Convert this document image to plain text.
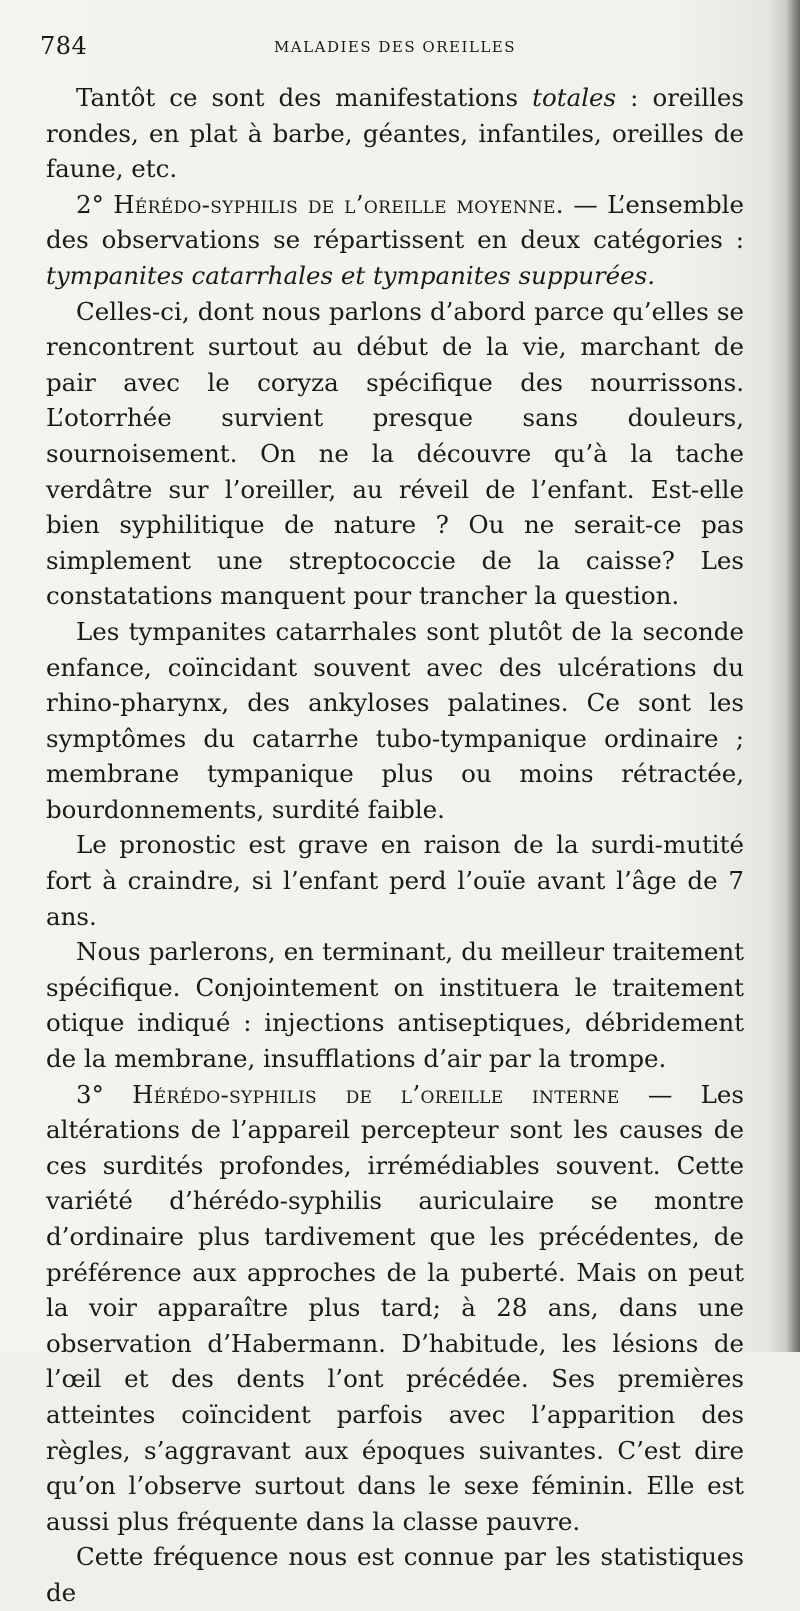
784	MALADIES DES OREILLES

Tantôt ce sont des manifestations totales : oreilles rondes, en plat à barbe, géantes, infantiles, oreilles de faune, etc.

2° Hérédo-syphilis de l’oreille moyenne. — L’ensemble des observations se répartissent en deux catégories : tympanites catarrhales et tympanites suppurées.

Celles-ci, dont nous parlons d’abord parce qu’elles se rencontrent surtout au début de la vie, marchant de pair avec le coryza spécifique des nourrissons. L’otorrhée survient presque sans douleurs, sournoisement. On ne la découvre qu’à la tache verdâtre sur l’oreiller, au réveil de l’enfant. Est-elle bien syphilitique de nature ? Ou ne serait-ce pas simplement une streptococcie de la caisse? Les constatations manquent pour trancher la question.

Les tympanites catarrhales sont plutôt de la seconde enfance, coïncidant souvent avec des ulcérations du rhino-pharynx, des ankyloses palatines. Ce sont les symptômes du catarrhe tubo-tympanique ordinaire ; membrane tympanique plus ou moins rétractée, bourdonnements, surdité faible.

Le pronostic est grave en raison de la surdi-mutité fort à craindre, si l’enfant perd l’ouïe avant l’âge de 7 ans.

Nous parlerons, en terminant, du meilleur traitement spécifique. Conjointement on instituera le traitement otique indiqué : injections antiseptiques, débridement de la membrane, insufflations d’air par la trompe.

3° Hérédo-syphilis de l’oreille interne — Les altérations de l’appareil percepteur sont les causes de ces surdités profondes, irrémédiables souvent. Cette variété d’hérédo-syphilis auriculaire se montre d’ordinaire plus tardivement que les précédentes, de préférence aux approches de la puberté. Mais on peut la voir apparaître plus tard; à 28 ans, dans une observation d’Habermann. D’habitude, les lésions de l’œil et des dents l’ont précédée. Ses premières atteintes coïncident parfois avec l’apparition des règles, s’aggravant aux époques suivantes. C’est dire qu’on l’observe surtout dans le sexe féminin. Elle est aussi plus fréquente dans la classe pauvre.

Cette fréquence nous est connue par les statistiques de
